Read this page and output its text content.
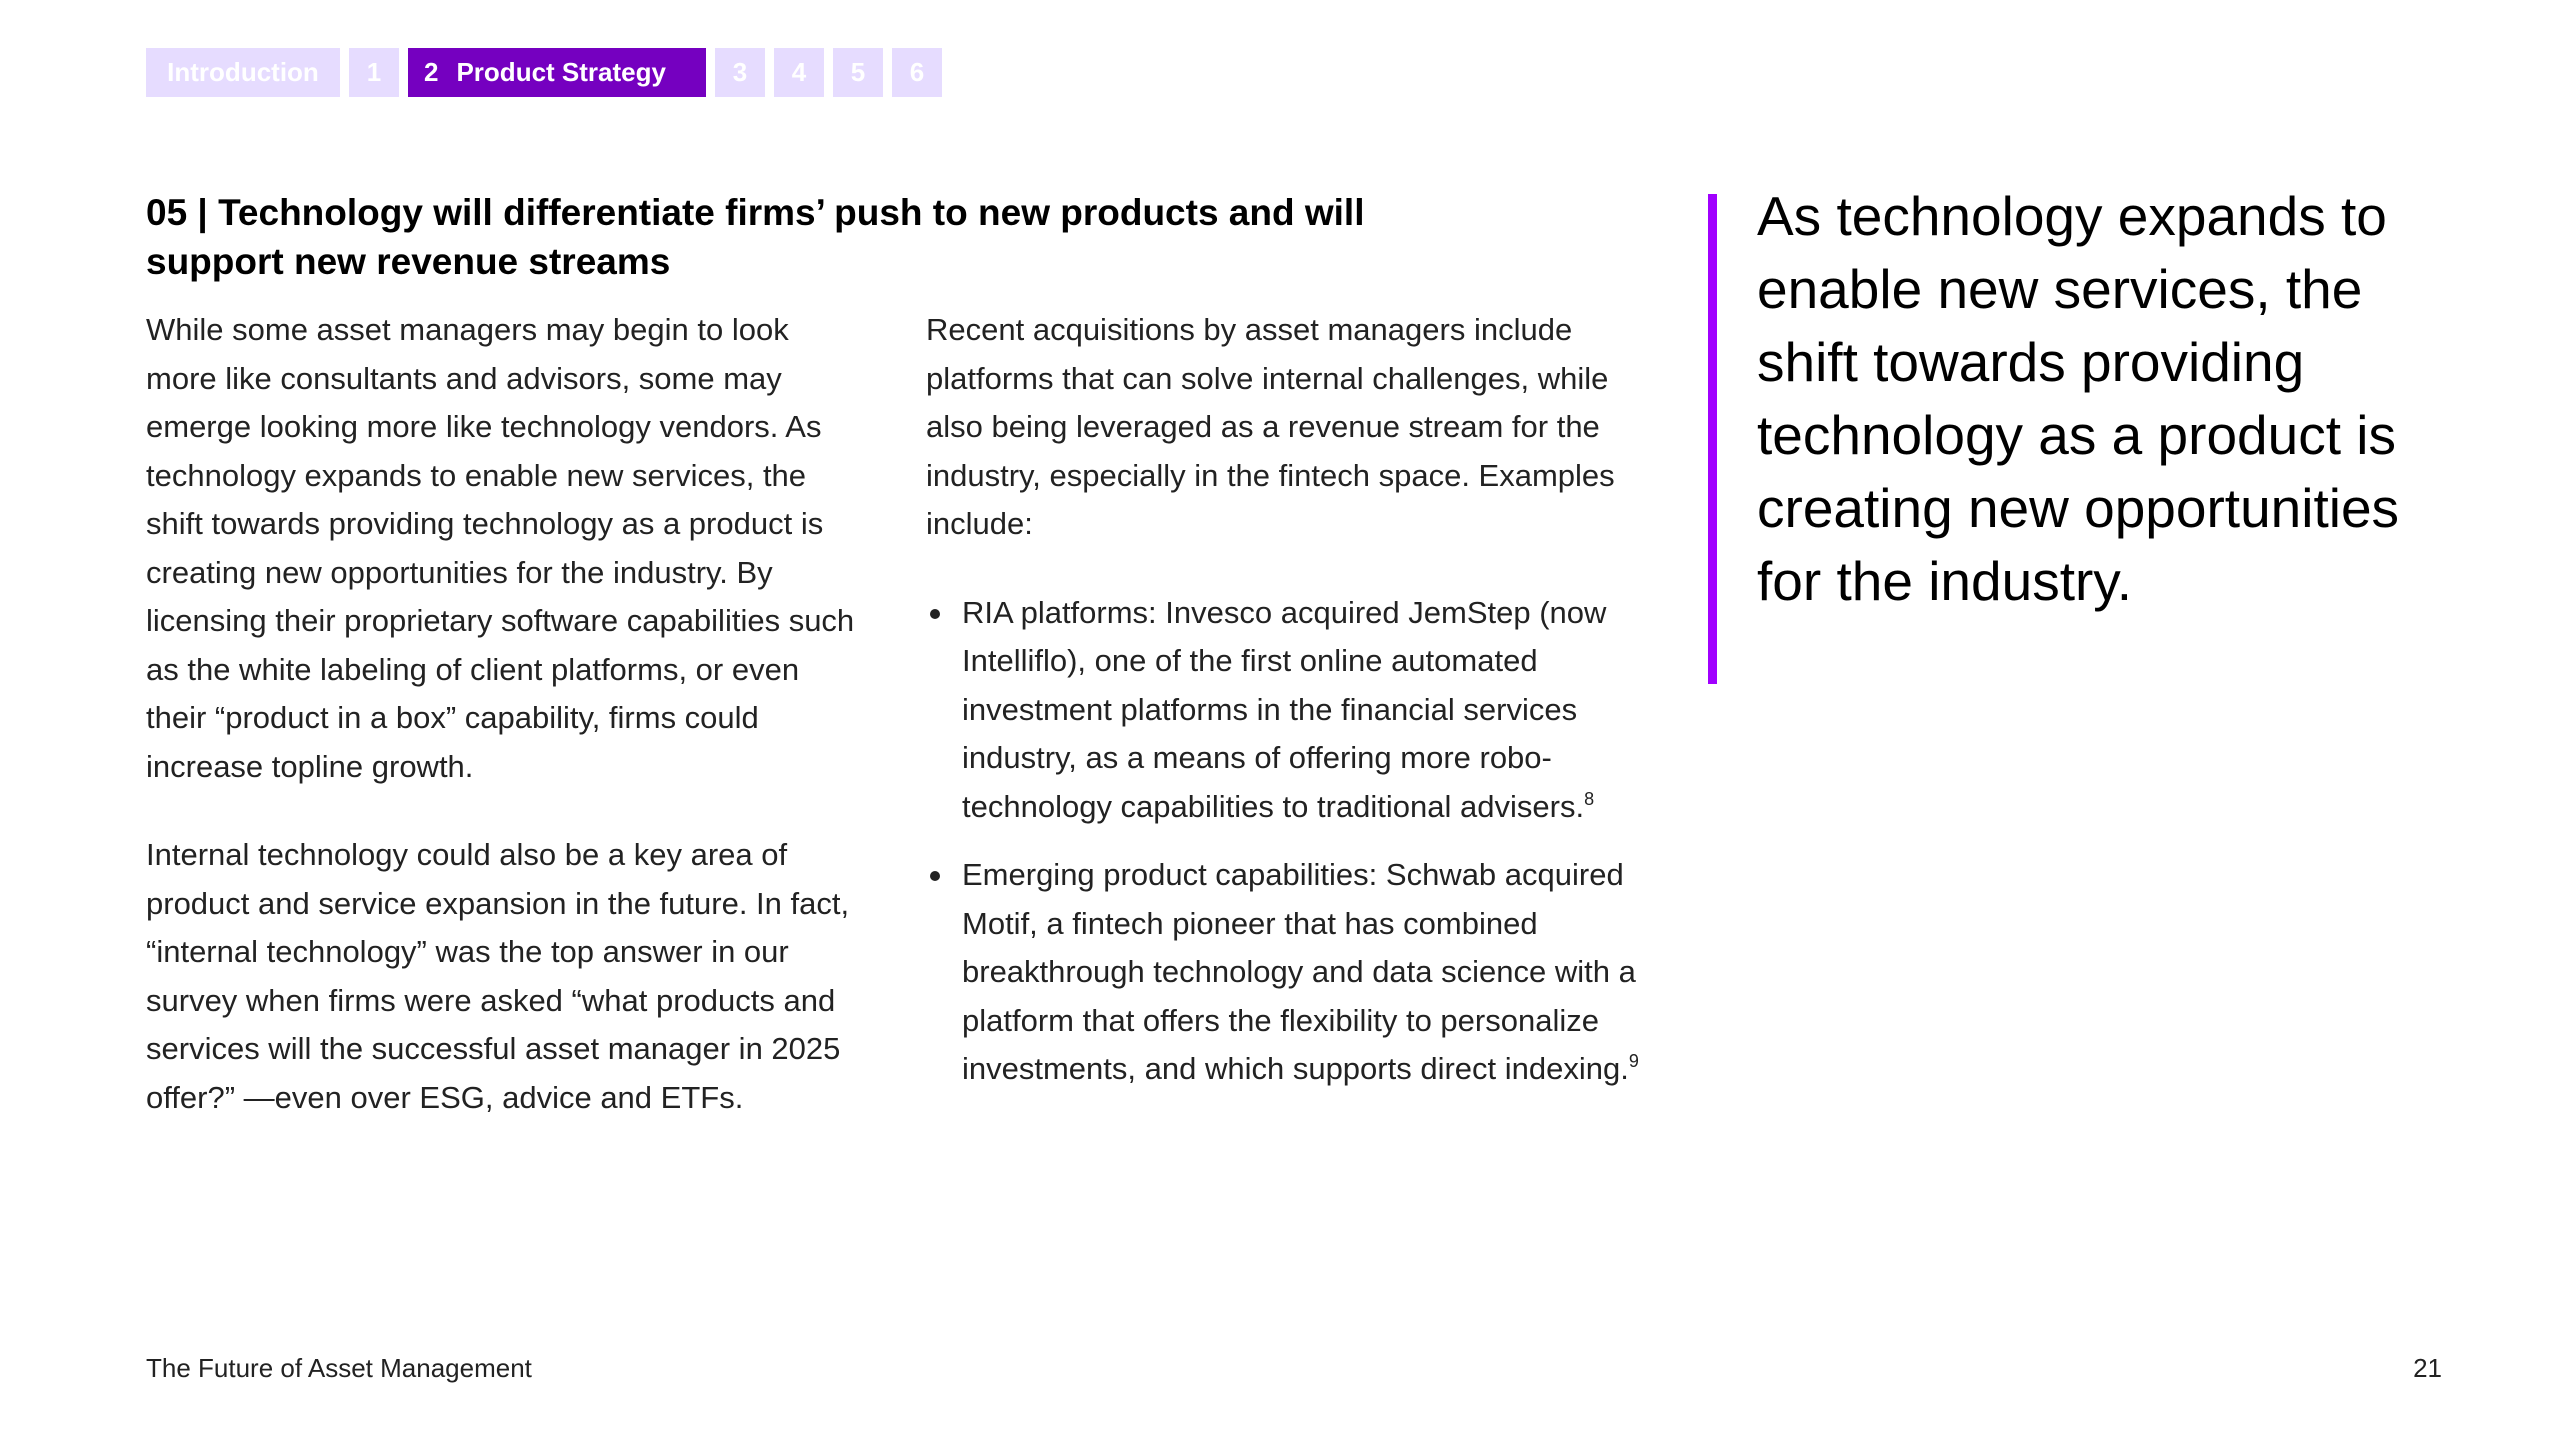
Introduction 1 2 Product Strategy	3 4 5 6
05 | Technology will differentiate firms’ push to new products and will support new revenue streams

While some asset managers may begin to look more like consultants and advisors, some may emerge looking more like technology vendors. As technology expands to enable new services, the shift towards providing technology as a product is creating new opportunities for the industry. By licensing their proprietary software capabilities such as the white labeling of client platforms, or even their “product in a box” capability, firms could increase topline growth.

Internal technology could also be a key area of product and service expansion in the future. In fact, “internal technology” was the top answer in our survey when firms were asked “what products and services will the successful asset manager in 2025 offer?” —even over ESG, advice and ETFs.

Recent acquisitions by asset managers include platforms that can solve internal challenges, while also being leveraged as a revenue stream for the industry, especially in the fintech space. Examples include:

RIA platforms: Invesco acquired JemStep (now Intelliflo), one of the first online automated investment platforms in the financial services industry, as a means of offering more robo-technology capabilities to traditional advisers.$^8$
Emerging product capabilities: Schwab acquired Motif, a fintech pioneer that has combined breakthrough technology and data science with a platform that offers the flexibility to personalize investments, and which supports direct indexing.$^9$

As technology expands to enable new services, the shift towards providing technology as a product is creating new opportunities for the industry.

The Future of Asset Management	21
